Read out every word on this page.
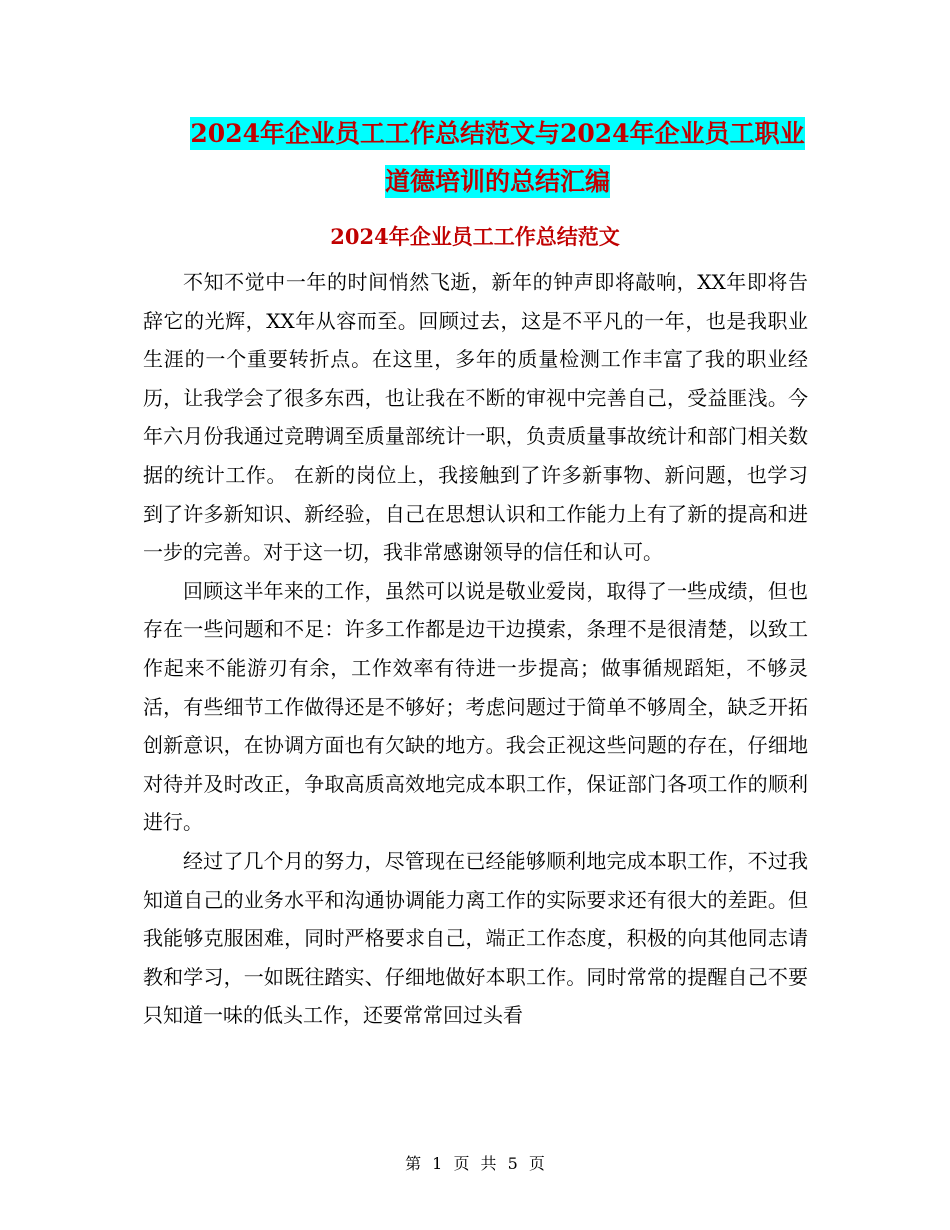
2024年企业员工工作总结范文与2024年企业员工职业
道德培训的总结汇编
2024年企业员工工作总结范文

不知不觉中一年的时间悄然飞逝，新年的钟声即将敲响，XX年即将告辞它的光辉，XX年从容而至。回顾过去，这是不平凡的一年，也是我职业生涯的一个重要转折点。在这里，多年的质量检测工作丰富了我的职业经历，让我学会了很多东西，也让我在不断的审视中完善自己，受益匪浅。今年六月份我通过竞聘调至质量部统计一职，负责质量事故统计和部门相关数据的统计工作。 在新的岗位上，我接触到了许多新事物、新问题，也学习到了许多新知识、新经验，自己在思想认识和工作能力上有了新的提高和进一步的完善。对于这一切，我非常感谢领导的信任和认可。

回顾这半年来的工作，虽然可以说是敬业爱岗，取得了一些成绩，但也存在一些问题和不足：许多工作都是边干边摸索，条理不是很清楚，以致工作起来不能游刃有余，工作效率有待进一步提高；做事循规蹈矩，不够灵活，有些细节工作做得还是不够好；考虑问题过于简单不够周全，缺乏开拓创新意识，在协调方面也有欠缺的地方。我会正视这些问题的存在，仔细地对待并及时改正，争取高质高效地完成本职工作，保证部门各项工作的顺利进行。

经过了几个月的努力，尽管现在已经能够顺利地完成本职工作，不过我知道自己的业务水平和沟通协调能力离工作的实际要求还有很大的差距。但我能够克服困难，同时严格要求自己，端正工作态度，积极的向其他同志请教和学习，一如既往踏实、仔细地做好本职工作。同时常常的提醒自己不要只知道一味的低头工作，还要常常回过头看

第 1 页 共 5 页
